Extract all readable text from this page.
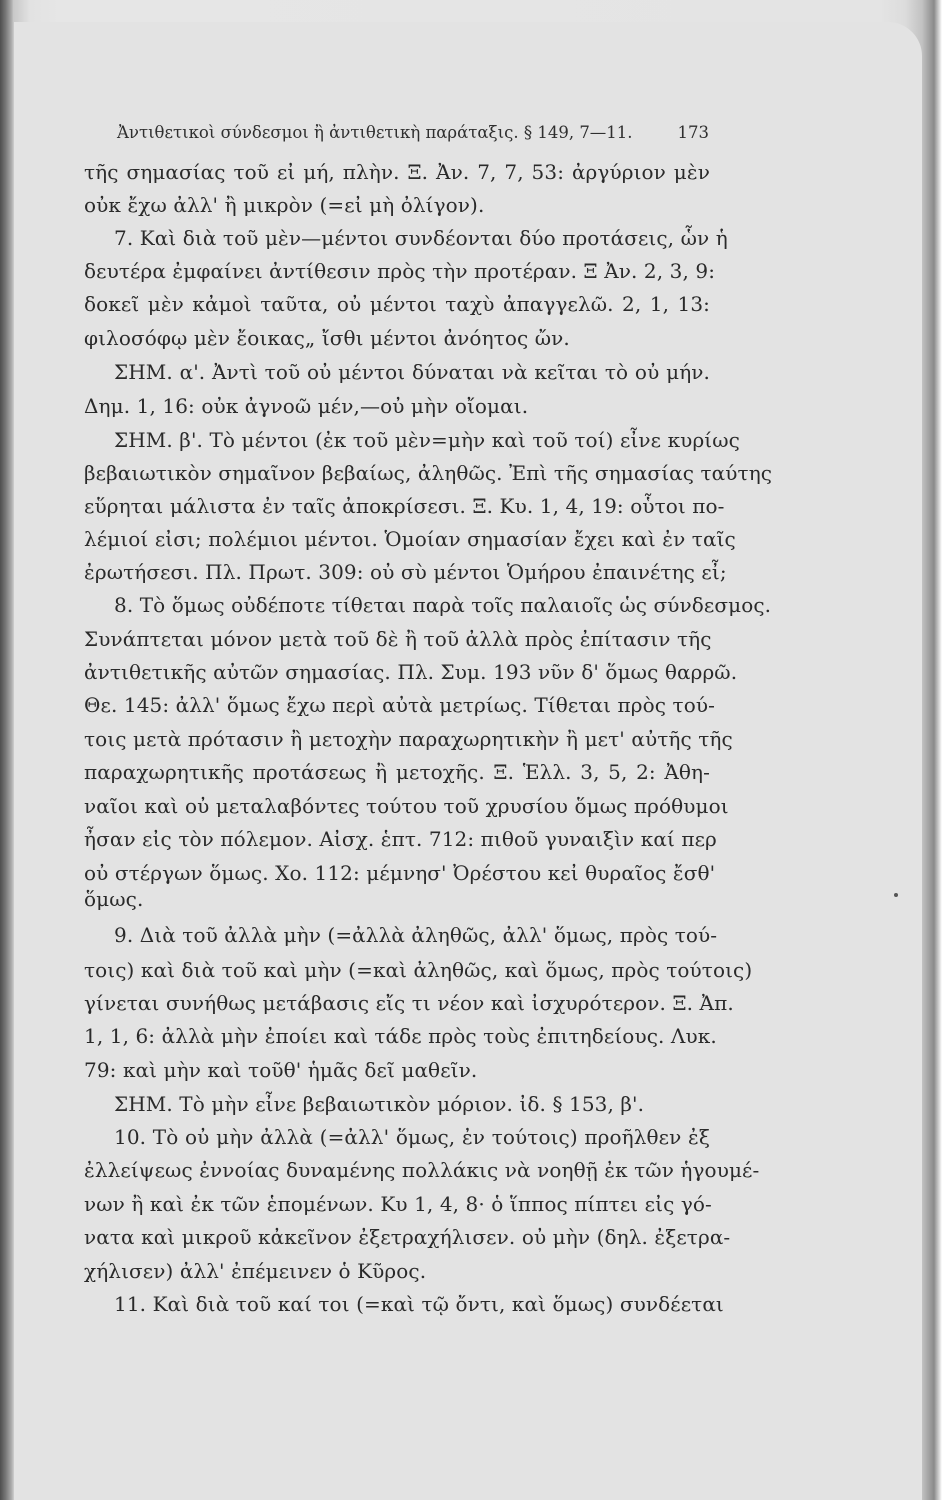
Ἀντιθετικοὶ σύνδεσμοι ἢ ἀντιθετικὴ παράταξις. § 149, 7—11.	173
τῆς σημασίας τοῦ εἰ μή, πλὴν. Ξ. Ἀν. 7, 7, 53: ἀργύριον μὲν
οὐκ ἔχω ἀλλ' ἢ μικρὸν (=εἰ μὴ ὀλίγον).
7. Καὶ διὰ τοῦ μὲν—μέντοι συνδέονται δύο προτάσεις, ὧν ἡ
δευτέρα ἐμφαίνει ἀντίθεσιν πρὸς τὴν προτέραν. Ξ Ἀν. 2, 3, 9:
δοκεῖ μὲν κἀμοὶ ταῦτα, οὐ μέντοι ταχὺ ἀπαγγελῶ. 2, 1, 13:
φιλοσόφῳ μὲν ἔοικας„ ἴσθι μέντοι ἀνόητος ὤν.
ΣΗΜ. α'. Ἀντὶ τοῦ οὐ μέντοι δύναται νὰ κεῖται τὸ οὐ μήν.
Δημ. 1, 16: οὐκ ἀγνοῶ μέν,—οὐ μὴν οἴομαι.
ΣΗΜ. β'. Τὸ μέντοι (ἐκ τοῦ μὲν=μὴν καὶ τοῦ τοί) εἶνε κυρίως
βεβαιωτικὸν σημαῖνον βεβαίως, ἀληθῶς. Ἐπὶ τῆς σημασίας ταύτης
εὕρηται μάλιστα ἐν ταῖς ἀποκρίσεσι. Ξ. Κυ. 1, 4, 19: οὗτοι πο-
λέμιοί εἰσι; πολέμιοι μέντοι. Ὁμοίαν σημασίαν ἔχει καὶ ἐν ταῖς
ἐρωτήσεσι. Πλ. Πρωτ. 309: οὐ σὺ μέντοι Ὁμήρου ἐπαινέτης εἶ;
8. Τὸ ὅμως οὐδέποτε τίθεται παρὰ τοῖς παλαιοῖς ὡς σύνδεσμος.
Συνάπτεται μόνον μετὰ τοῦ δὲ ἢ τοῦ ἀλλὰ πρὸς ἐπίτασιν τῆς
ἀντιθετικῆς αὐτῶν σημασίας. Πλ. Συμ. 193 νῦν δ' ὅμως θαρρῶ.
Θε. 145: ἀλλ' ὅμως ἔχω περὶ αὐτὰ μετρίως. Τίθεται πρὸς τού-
τοις μετὰ πρότασιν ἢ μετοχὴν παραχωρητικὴν ἢ μετ' αὐτῆς τῆς
παραχωρητικῆς προτάσεως ἢ μετοχῆς. Ξ. Ἑλλ. 3, 5, 2: Ἀθη-
ναῖοι καὶ οὐ μεταλαβόντες τούτου τοῦ χρυσίου ὅμως πρόθυμοι
ἦσαν εἰς τὸν πόλεμον. Αἰσχ. ἑπτ. 712: πιθοῦ γυναιξὶν καί περ
οὐ στέργων ὅμως. Χο. 112: μέμνησ' Ὀρέστου κεἰ θυραῖος ἔσθ'
ὅμως.
9. Διὰ τοῦ ἀλλὰ μὴν (=ἀλλὰ ἀληθῶς, ἀλλ' ὅμως, πρὸς τού-
τοις) καὶ διὰ τοῦ καὶ μὴν (=καὶ ἀληθῶς, καὶ ὅμως, πρὸς τούτοις)
γίνεται συνήθως μετάβασις εἴς τι νέον καὶ ἰσχυρότερον. Ξ. Ἀπ.
1, 1, 6: ἀλλὰ μὴν ἐποίει καὶ τάδε πρὸς τοὺς ἐπιτηδείους. Λυκ.
79: καὶ μὴν καὶ τοῦθ' ἡμᾶς δεῖ μαθεῖν.
ΣΗΜ. Τὸ μὴν εἶνε βεβαιωτικὸν μόριον. ἰδ. § 153, β'.
10. Τὸ οὐ μὴν ἀλλὰ (=ἀλλ' ὅμως, ἐν τούτοις) προῆλθεν ἐξ
ἐλλείψεως ἐννοίας δυναμένης πολλάκις νὰ νοηθῇ ἐκ τῶν ἡγουμέ-
νων ἢ καὶ ἐκ τῶν ἑπομένων. Κυ 1, 4, 8· ὁ ἵππος πίπτει εἰς γό-
νατα καὶ μικροῦ κἀκεῖνον ἐξετραχήλισεν. οὐ μὴν (δηλ. ἐξετρα-
χήλισεν) ἀλλ' ἐπέμεινεν ὁ Κῦρος.
11. Καὶ διὰ τοῦ καί τοι (=καὶ τῷ ὄντι, καὶ ὅμως) συνδέεται
